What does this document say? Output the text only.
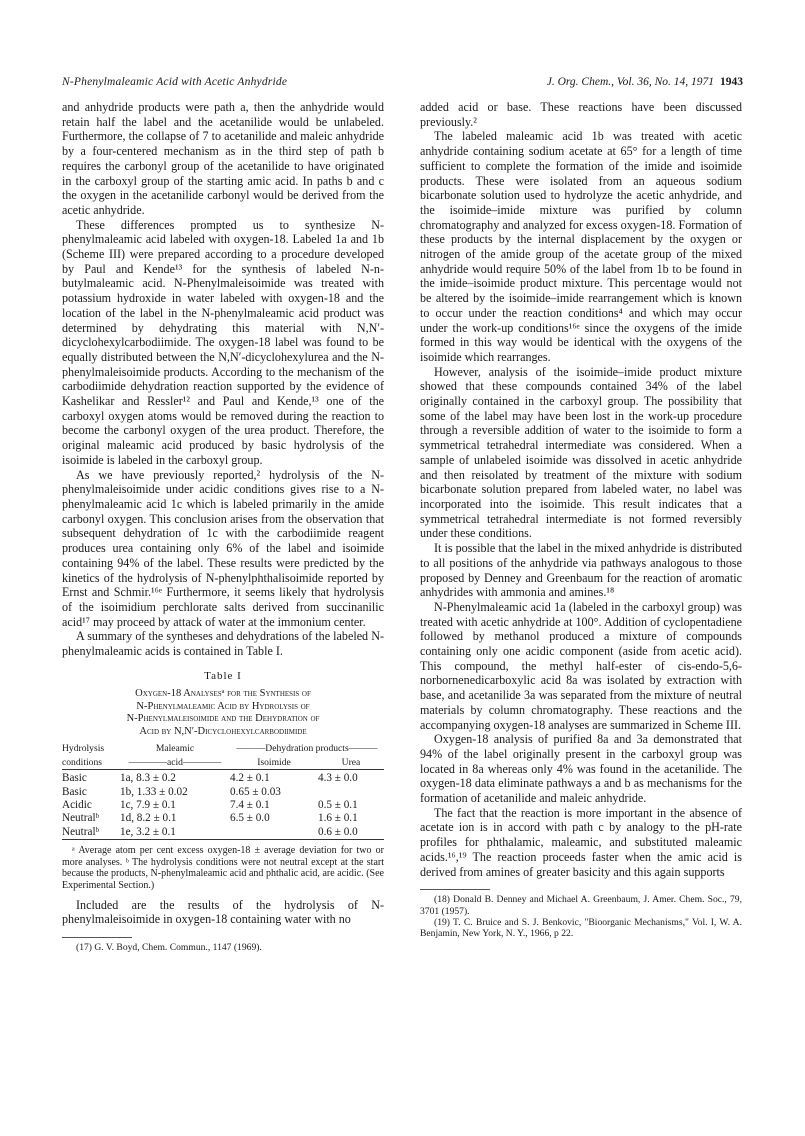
N-Phenylmaleamic Acid with Acetic Anhydride	J. Org. Chem., Vol. 36, No. 14, 1971 1943

and anhydride products were path a, then the anhydride would retain half the label and the acetanilide would be unlabeled. Furthermore, the collapse of 7 to acetanilide and maleic anhydride by a four-centered mechanism as in the third step of path b requires the carbonyl group of the acetanilide to have originated in the carboxyl group of the starting amic acid. In paths b and c the oxygen in the acetanilide carbonyl would be derived from the acetic anhydride.

These differences prompted us to synthesize N-phenylmaleamic acid labeled with oxygen-18. Labeled 1a and 1b (Scheme III) were prepared according to a procedure developed by Paul and Kende¹³ for the synthesis of labeled N-n-butylmaleamic acid. N-Phenylmaleisoimide was treated with potassium hydroxide in water labeled with oxygen-18 and the location of the label in the N-phenylmaleamic acid product was determined by dehydrating this material with N,N′-dicyclohexylcarbodiimide. The oxygen-18 label was found to be equally distributed between the N,N′-dicyclohexylurea and the N-phenylmaleisoimide products. According to the mechanism of the carbodiimide dehydration reaction supported by the evidence of Kashelikar and Ressler¹² and Paul and Kende,¹³ one of the carboxyl oxygen atoms would be removed during the reaction to become the carbonyl oxygen of the urea product. Therefore, the original maleamic acid produced by basic hydrolysis of the isoimide is labeled in the carboxyl group.

As we have previously reported,² hydrolysis of the N-phenylmaleisoimide under acidic conditions gives rise to a N-phenylmaleamic acid 1c which is labeled primarily in the amide carbonyl oxygen. This conclusion arises from the observation that subsequent dehydration of 1c with the carbodiimide reagent produces urea containing only 6% of the label and isoimide containing 94% of the label. These results were predicted by the kinetics of the hydrolysis of N-phenylphthalisoimide reported by Ernst and Schmir.¹⁶ᵉ Furthermore, it seems likely that hydrolysis of the isoimidium perchlorate salts derived from succinanilic acid¹⁷ may proceed by attack of water at the immonium center.

A summary of the syntheses and dehydrations of the labeled N-phenylmaleamic acids is contained in Table I.

Table I
Oxygen-18 Analysesᵃ for the Synthesis of
N-Phenylmaleamic Acid by Hydrolysis of
N-Phenylmaleisoimide and the Dehydration of
Acid by N,N′-Dicyclohexylcarbodiimide
Hydrolysis	Maleamic	———Dehydration products———	
conditions	————acid————	Isoimide	Urea

Basic	1a, 8.3 ± 0.2	4.2 ± 0.1	4.3 ± 0.0
Basic	1b, 1.33 ± 0.02	0.65 ± 0.03	
Acidic	1c, 7.9 ± 0.1	7.4 ± 0.1	0.5 ± 0.1
Neutralᵇ	1d, 8.2 ± 0.1	6.5 ± 0.0	1.6 ± 0.1
Neutralᵇ	1e, 3.2 ± 0.1		0.6 ± 0.0

ᵃ Average atom per cent excess oxygen-18 ± average deviation for two or more analyses. ᵇ The hydrolysis conditions were not neutral except at the start because the products, N-phenylmaleamic acid and phthalic acid, are acidic. (See Experimental Section.)

Included are the results of the hydrolysis of N-phenylmaleisoimide in oxygen-18 containing water with no

(17) G. V. Boyd, Chem. Commun., 1147 (1969).

added acid or base. These reactions have been discussed previously.²

The labeled maleamic acid 1b was treated with acetic anhydride containing sodium acetate at 65° for a length of time sufficient to complete the formation of the imide and isoimide products. These were isolated from an aqueous sodium bicarbonate solution used to hydrolyze the acetic anhydride, and the isoimide–imide mixture was purified by column chromatography and analyzed for excess oxygen-18. Formation of these products by the internal displacement by the oxygen or nitrogen of the amide group of the acetate group of the mixed anhydride would require 50% of the label from 1b to be found in the imide–isoimide product mixture. This percentage would not be altered by the isoimide–imide rearrangement which is known to occur under the reaction conditions⁴ and which may occur under the work-up conditions¹⁶ᵉ since the oxygens of the imide formed in this way would be identical with the oxygens of the isoimide which rearranges.

However, analysis of the isoimide–imide product mixture showed that these compounds contained 34% of the label originally contained in the carboxyl group. The possibility that some of the label may have been lost in the work-up procedure through a reversible addition of water to the isoimide to form a symmetrical tetrahedral intermediate was considered. When a sample of unlabeled isoimide was dissolved in acetic anhydride and then reisolated by treatment of the mixture with sodium bicarbonate solution prepared from labeled water, no label was incorporated into the isoimide. This result indicates that a symmetrical tetrahedral intermediate is not formed reversibly under these conditions.

It is possible that the label in the mixed anhydride is distributed to all positions of the anhydride via pathways analogous to those proposed by Denney and Greenbaum for the reaction of aromatic anhydrides with ammonia and amines.¹⁸

N-Phenylmaleamic acid 1a (labeled in the carboxyl group) was treated with acetic anhydride at 100°. Addition of cyclopentadiene followed by methanol produced a mixture of compounds containing only one acidic component (aside from acetic acid). This compound, the methyl half-ester of cis-endo-5,6-norbornenedicarboxylic acid 8a was isolated by extraction with base, and acetanilide 3a was separated from the mixture of neutral materials by column chromatography. These reactions and the accompanying oxygen-18 analyses are summarized in Scheme III.

Oxygen-18 analysis of purified 8a and 3a demonstrated that 94% of the label originally present in the carboxyl group was located in 8a whereas only 4% was found in the acetanilide. The oxygen-18 data eliminate pathways a and b as mechanisms for the formation of acetanilide and maleic anhydride.

The fact that the reaction is more important in the absence of acetate ion is in accord with path c by analogy to the pH-rate profiles for phthalamic, maleamic, and substituted maleamic acids.¹⁶,¹⁹ The reaction proceeds faster when the amic acid is derived from amines of greater basicity and this again supports

(18) Donald B. Denney and Michael A. Greenbaum, J. Amer. Chem. Soc., 79, 3701 (1957).

(19) T. C. Bruice and S. J. Benkovic, "Bioorganic Mechanisms," Vol. I, W. A. Benjamin, New York, N. Y., 1966, p 22.
